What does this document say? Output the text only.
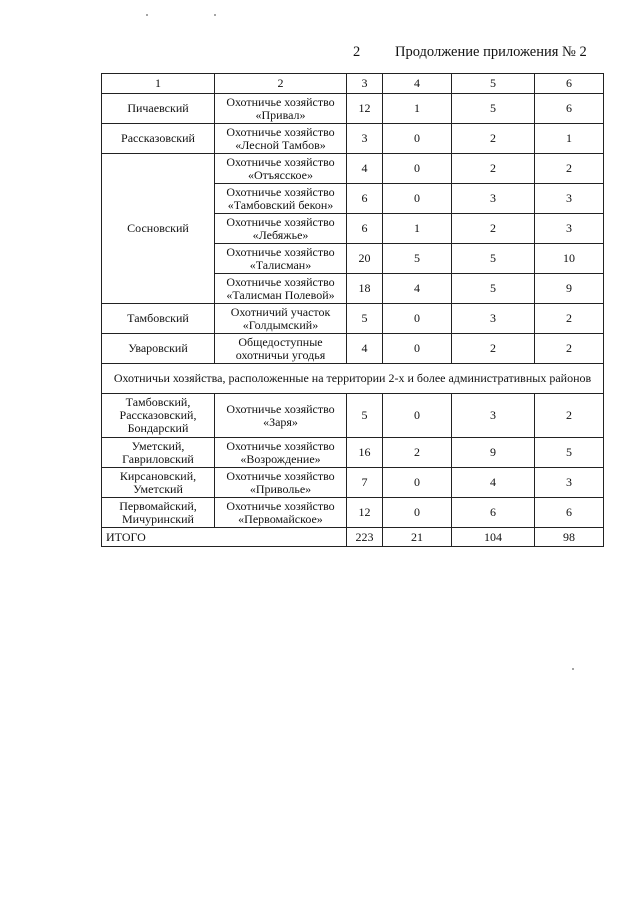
2 Продолжение приложения № 2
1	2	3	4	5	6
Пичаевский	Охотничье хозяйство «Привал»	12	1	5	6
Рассказовский	Охотничье хозяйство «Лесной Тамбов»	3	0	2	1
Сосновский	Охотничье хозяйство «Отъясское»	4	0	2	2
	Охотничье хозяйство «Тамбовский бекон»	6	0	3	3
	Охотничье хозяйство «Лебяжье»	6	1	2	3
	Охотничье хозяйство «Талисман»	20	5	5	10
	Охотничье хозяйство «Талисман Полевой»	18	4	5	9
Тамбовский	Охотничий участок «Голдымский»	5	0	3	2
Уваровский	Общедоступные охотничьи угодья	4	0	2	2
Охотничьи хозяйства, расположенные на территории 2-х и более административных районов					
Тамбовский, Рассказовский, Бондарский	Охотничье хозяйство «Заря»	5	0	3	2
Уметский, Гавриловский	Охотничье хозяйство «Возрождение»	16	2	9	5
Кирсановский, Уметский	Охотничье хозяйство «Приволье»	7	0	4	3
Первомайский, Мичуринский	Охотничье хозяйство «Первомайское»	12	0	6	6
ИТОГО		223	21	104	98
